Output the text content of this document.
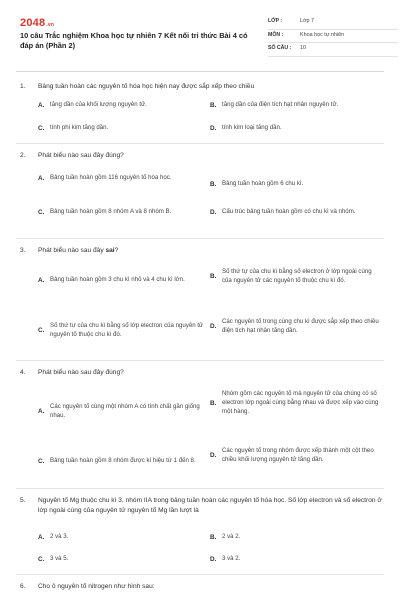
2048.vn
10 câu Trắc nghiệm Khoa học tự nhiên 7 Kết nối tri thức Bài 4 có đáp án (Phần 2)
LỚP :	Lớp 7
MÔN :	Khoa học tự nhiên
SỐ CÂU :	10
1. Bảng tuần hoàn các nguyên tố hóa học hiện nay được sắp xếp theo chiều
A. tăng dần của khối lượng nguyên tử.	B. tăng dần của điện tích hạt nhân nguyên tử.
C. tính phi kim tăng dần.	D. tính kim loại tăng dần.
2. Phát biểu nào sau đây đúng?
A. Bảng tuần hoàn gồm 116 nguyên tố hóa học.
B. Bảng tuần hoàn gồm 6 chu kì.
C. Bảng tuần hoàn gồm 8 nhóm A và 8 nhóm B.	D. Cấu trúc bảng tuần hoàn gồm có chu kì và nhóm.
3. Phát biểu nào sau đây sai?
A. Bảng tuần hoàn gồm 3 chu kì nhỏ và 4 chu kì lớn.	B.
Số thứ tự của chu kì bằng số electron ở lớp ngoài cùng của nguyên tử các nguyên tố thuộc chu kì đó.
C.
Số thứ tự của chu kì bằng số lớp electron của nguyên tử nguyên tố thuộc chu kì đó.
D.
Các nguyên tố trong cùng chu kì được sắp xếp theo chiều điện tích hạt nhân tăng dần.
4. Phát biểu nào sau đây đúng?
A.
Các nguyên tố cùng một nhóm A có tính chất gần giống nhau.
B.
Nhóm gồm các nguyên tố mà nguyên tử của chúng có số electron lớp ngoài cùng bằng nhau và được xếp vào cùng một hàng.
C. Bảng tuần hoàn gồm 8 nhóm được kí hiệu từ 1 đến 8.
D.
Các nguyên tố trong nhóm được xếp thành một cột theo chiều khối lượng nguyên tử tăng dần.
5. Nguyên tố Mg thuộc chu kì 3, nhóm IIA trong bảng tuần hoàn các nguyên tố hóa học. Số lớp electron và số electron ở lớp ngoài cùng của nguyên tử nguyên tố Mg lần lượt là
A. 2 và 3.	B. 2 và 2.
C. 3 và 5.	D. 3 và 2.
6. Cho ô nguyên tố nitrogen như hình sau:
